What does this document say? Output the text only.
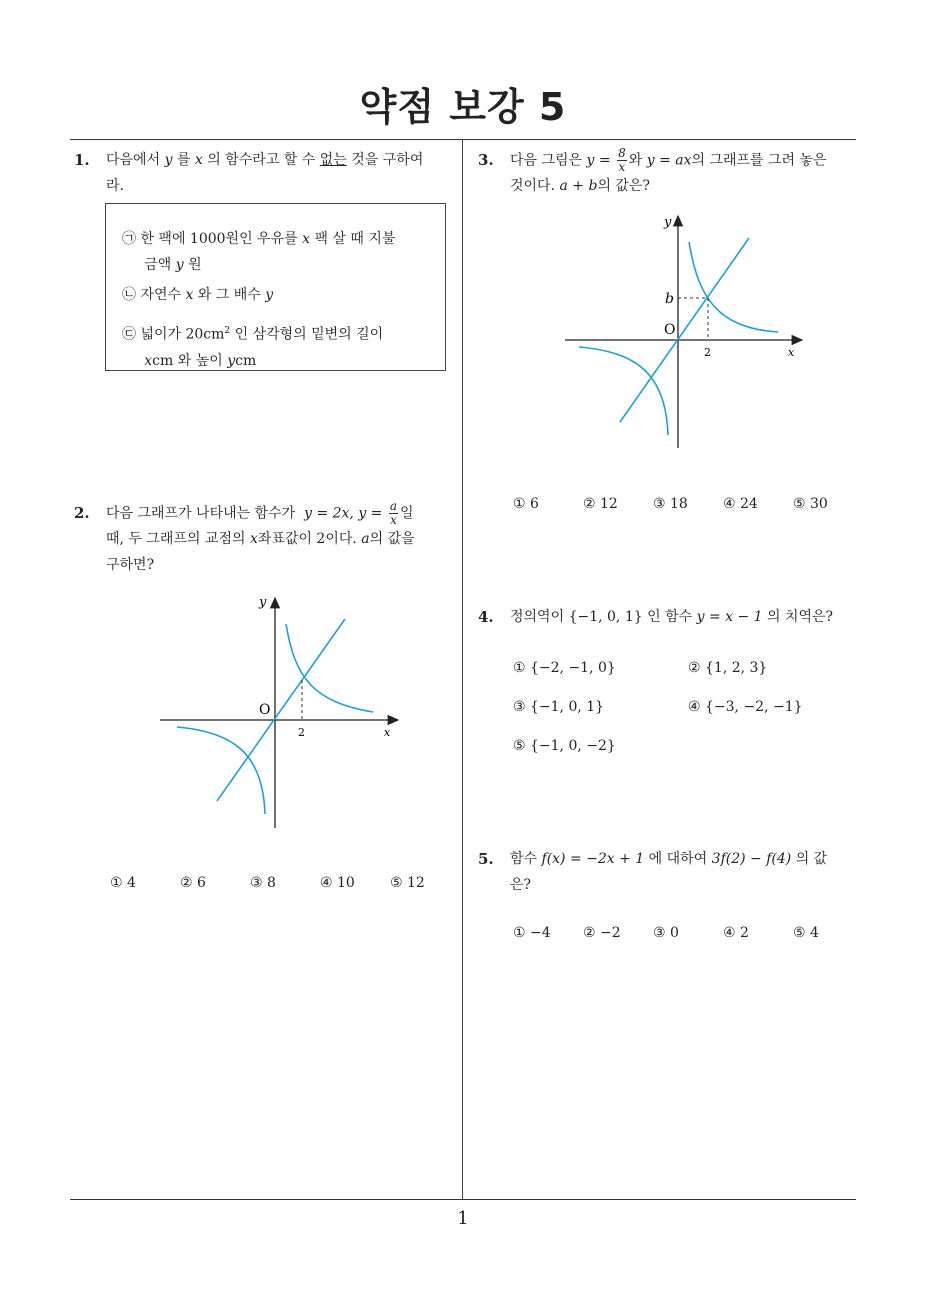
약점 보강 5
1
1. 다음에서 y 를 x 의 함수라고 할 수 없는 것을 구하여
라.
㉠ 한 팩에 1000원인 우유를 x 팩 살 때 지불
금액 y 원
㉡ 자연수 x 와 그 배수 y
㉢ 넓이가 $20cm^2$ 인 삼각형의 밑변의 길이
xcm 와 높이 ycm
2. 다음 그래프가 나타내는 함수가 y = 2x, $y = \frac{a}{x}$ 일
때, 두 그래프의 교점의 x좌표값이 2이다. a의 값을
구하면?
y
O
2	x
① 4	② 6	③ 8	④ 10	⑤ 12
3. 다음 그림은 $y = \frac{8}{x}$ 와 y = ax의 그래프를 그려 놓은
것이다. a + b의 값은?
y
b
O
2	x
① 6	② 12	③ 18	④ 24	⑤ 30
4. 정의역이 {−1, 0, 1} 인 함수 y = x − 1 의 치역은?
① {−2, −1, 0}	② {1, 2, 3}
③ {−1, 0, 1}	④ {−3, −2, −1}
⑤ {−1, 0, −2}
5. 함수 f(x) = −2x + 1 에 대하여 3f(2) − f(4) 의 값
은?
① −4 ② −2 ③ 0	④ 2	⑤ 4
